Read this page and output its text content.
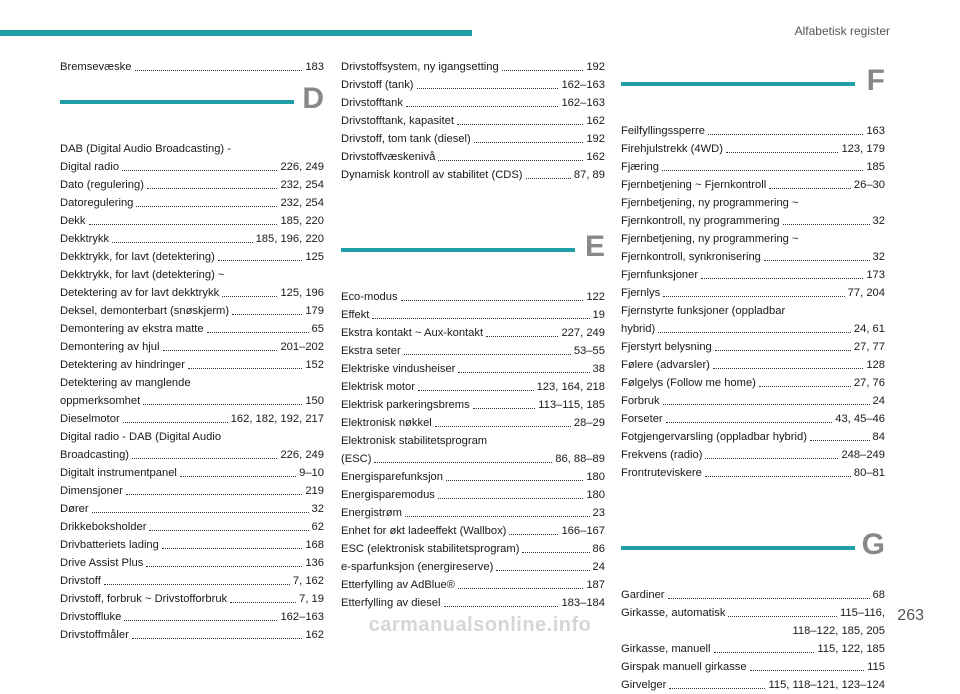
Alfabetisk register
Bremsevæske	183
D
DAB (Digital Audio Broadcasting) -
Digital radio	226, 249
Dato (regulering)	232, 254
Datoregulering	232, 254
Dekk	185, 220
Dekktrykk	185, 196, 220
Dekktrykk, for lavt (detektering)	125
Dekktrykk, for lavt (detektering) ~
Detektering av for lavt dekktrykk	125, 196
Deksel, demonterbart (snøskjerm)	179
Demontering av ekstra matte	65
Demontering av hjul	201–202
Detektering av hindringer	152
Detektering av manglende
oppmerksomhet	150
Dieselmotor	162, 182, 192, 217
Digital radio - DAB (Digital Audio
Broadcasting)	226, 249
Digitalt instrumentpanel	9–10
Dimensjoner	219
Dører	32
Drikkeboksholder	62
Drivbatteriets lading	168
Drive Assist Plus	136
Drivstoff	7, 162
Drivstoff, forbruk ~ Drivstofforbruk	7, 19
Drivstoffluke	162–163
Drivstoffmåler	162
Drivstoffsystem, ny igangsetting	192
Drivstoff (tank)	162–163
Drivstofftank	162–163
Drivstofftank, kapasitet	162
Drivstoff, tom tank (diesel)	192
Drivstoffvæskenivå	162
Dynamisk kontroll av stabilitet (CDS)	87, 89
E
Eco-modus	122
Effekt	19
Ekstra kontakt ~ Aux-kontakt	227, 249
Ekstra seter	53–55
Elektriske vindusheiser	38
Elektrisk motor	123, 164, 218
Elektrisk parkeringsbrems	113–115, 185
Elektronisk nøkkel	28–29
Elektronisk stabilitetsprogram
(ESC)	86, 88–89
Energisparefunksjon	180
Energisparemodus	180
Energistrøm	23
Enhet for økt ladeeffekt (Wallbox)	166–167
ESC (elektronisk stabilitetsprogram)	86
e-sparfunksjon (energireserve)	24
Etterfylling av AdBlue®	187
Etterfylling av diesel	183–184
F
Feilfyllingssperre	163
Firehjulstrekk (4WD)	123, 179
Fjæring	185
Fjernbetjening ~ Fjernkontroll	26–30
Fjernbetjening, ny programmering ~
Fjernkontroll, ny programmering	32
Fjernbetjening, ny programmering ~
Fjernkontroll, synkronisering	32
Fjernfunksjoner	173
Fjernlys	77, 204
Fjernstyrte funksjoner (oppladbar
hybrid)	24, 61
Fjerstyrt belysning	27, 77
Følere (advarsler)	128
Følgelys (Follow me home)	27, 76
Forbruk	24
Forseter	43, 45–46
Fotgjengervarsling (oppladbar hybrid)	84
Frekvens (radio)	248–249
Frontruteviskere	80–81
G
Gardiner	68
Girkasse, automatisk	115–116,
118–122, 185, 205
Girkasse, manuell	115, 122, 185
Girspak manuell girkasse	115
Girvelger	115, 118–121, 123–124
263
carmanualsonline.info
